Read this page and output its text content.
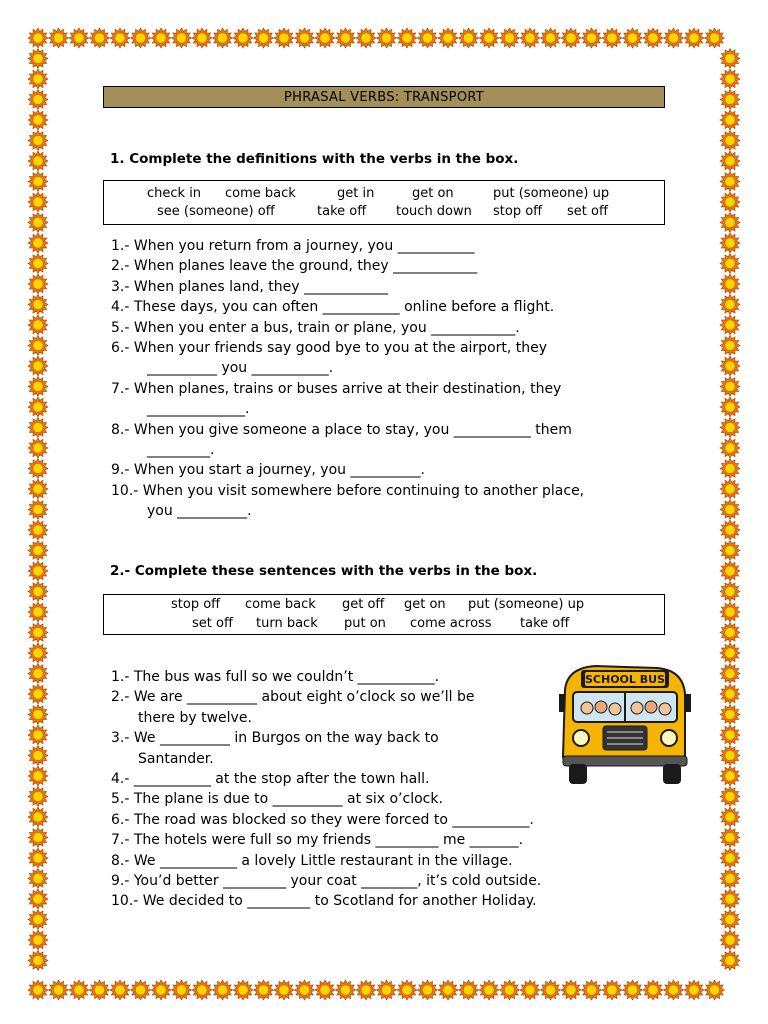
PHRASAL VERBS: TRANSPORT
1. Complete the definitions with the verbs in the box.
check in come back	get in	get on	put (someone) up
see (someone) off	take off touch down stop off set off
1.- When you return from a journey, you ___________
2.- When planes leave the ground, they ____________
3.- When planes land, they ____________
4.- These days, you can often ___________ online before a flight.
5.- When you enter a bus, train or plane, you ____________.
6.- When your friends say good bye to you at the airport, they
__________ you ___________.
7.- When planes, trains or buses arrive at their destination, they
______________.
8.- When you give someone a place to stay, you ___________ them
_________.
9.- When you start a journey, you __________.
10.- When you visit somewhere before continuing to another place,
you __________.
2.- Complete these sentences with the verbs in the box.
stop off come back get off get on put (someone) up
set off turn back put on come across take off
1.- The bus was full so we couldn’t ___________.
2.- We are __________ about eight o’clock so we’ll be
there by twelve.
3.- We __________ in Burgos on the way back to
Santander.
4.- ___________ at the stop after the town hall.
5.- The plane is due to __________ at six o’clock.
6.- The road was blocked so they were forced to ___________.
7.- The hotels were full so my friends _________ me _______.
8.- We ___________ a lovely Little restaurant in the village.
9.- You’d better _________ your coat ________, it’s cold outside.
10.- We decided to _________ to Scotland for another Holiday.
SCHOOL BUS
